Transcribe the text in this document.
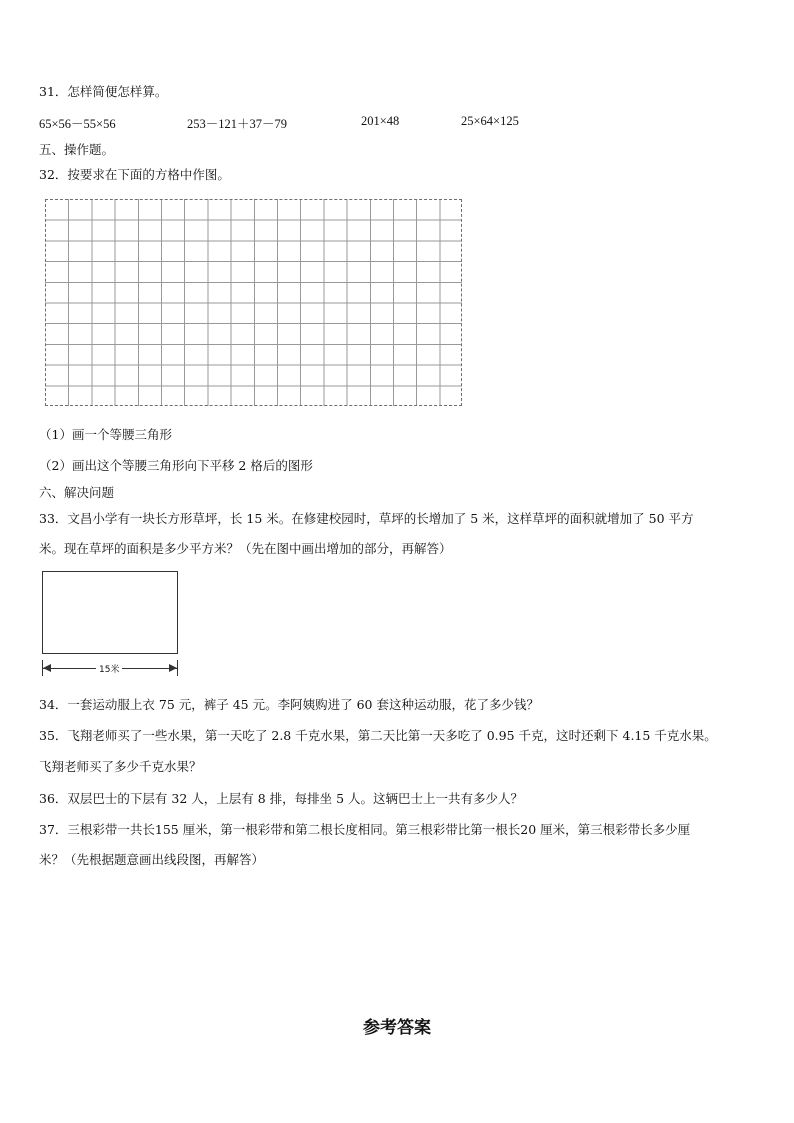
31．怎样简便怎样算。
65×56－55×56	253－121＋37－79	201×48	25×64×125
五、操作题。
32．按要求在下面的方格中作图。
（1）画一个等腰三角形
（2）画出这个等腰三角形向下平移 2 格后的图形
六、解决问题
33．文昌小学有一块长方形草坪，长 15 米。在修建校园时，草坪的长增加了 5 米，这样草坪的面积就增加了 50 平方
米。现在草坪的面积是多少平方米？（先在图中画出增加的部分，再解答）
15米
34．一套运动服上衣 75 元，裤子 45 元。李阿姨购进了 60 套这种运动服，花了多少钱？
35．飞翔老师买了一些水果，第一天吃了 2.8 千克水果，第二天比第一天多吃了 0.95 千克，这时还剩下 4.15 千克水果。
飞翔老师买了多少千克水果？
36．双层巴士的下层有 32 人，上层有 8 排，每排坐 5 人。这辆巴士上一共有多少人？
37．三根彩带一共长155 厘米，第一根彩带和第二根长度相同。第三根彩带比第一根长20 厘米，第三根彩带长多少厘
米？（先根据题意画出线段图，再解答）
参考答案
